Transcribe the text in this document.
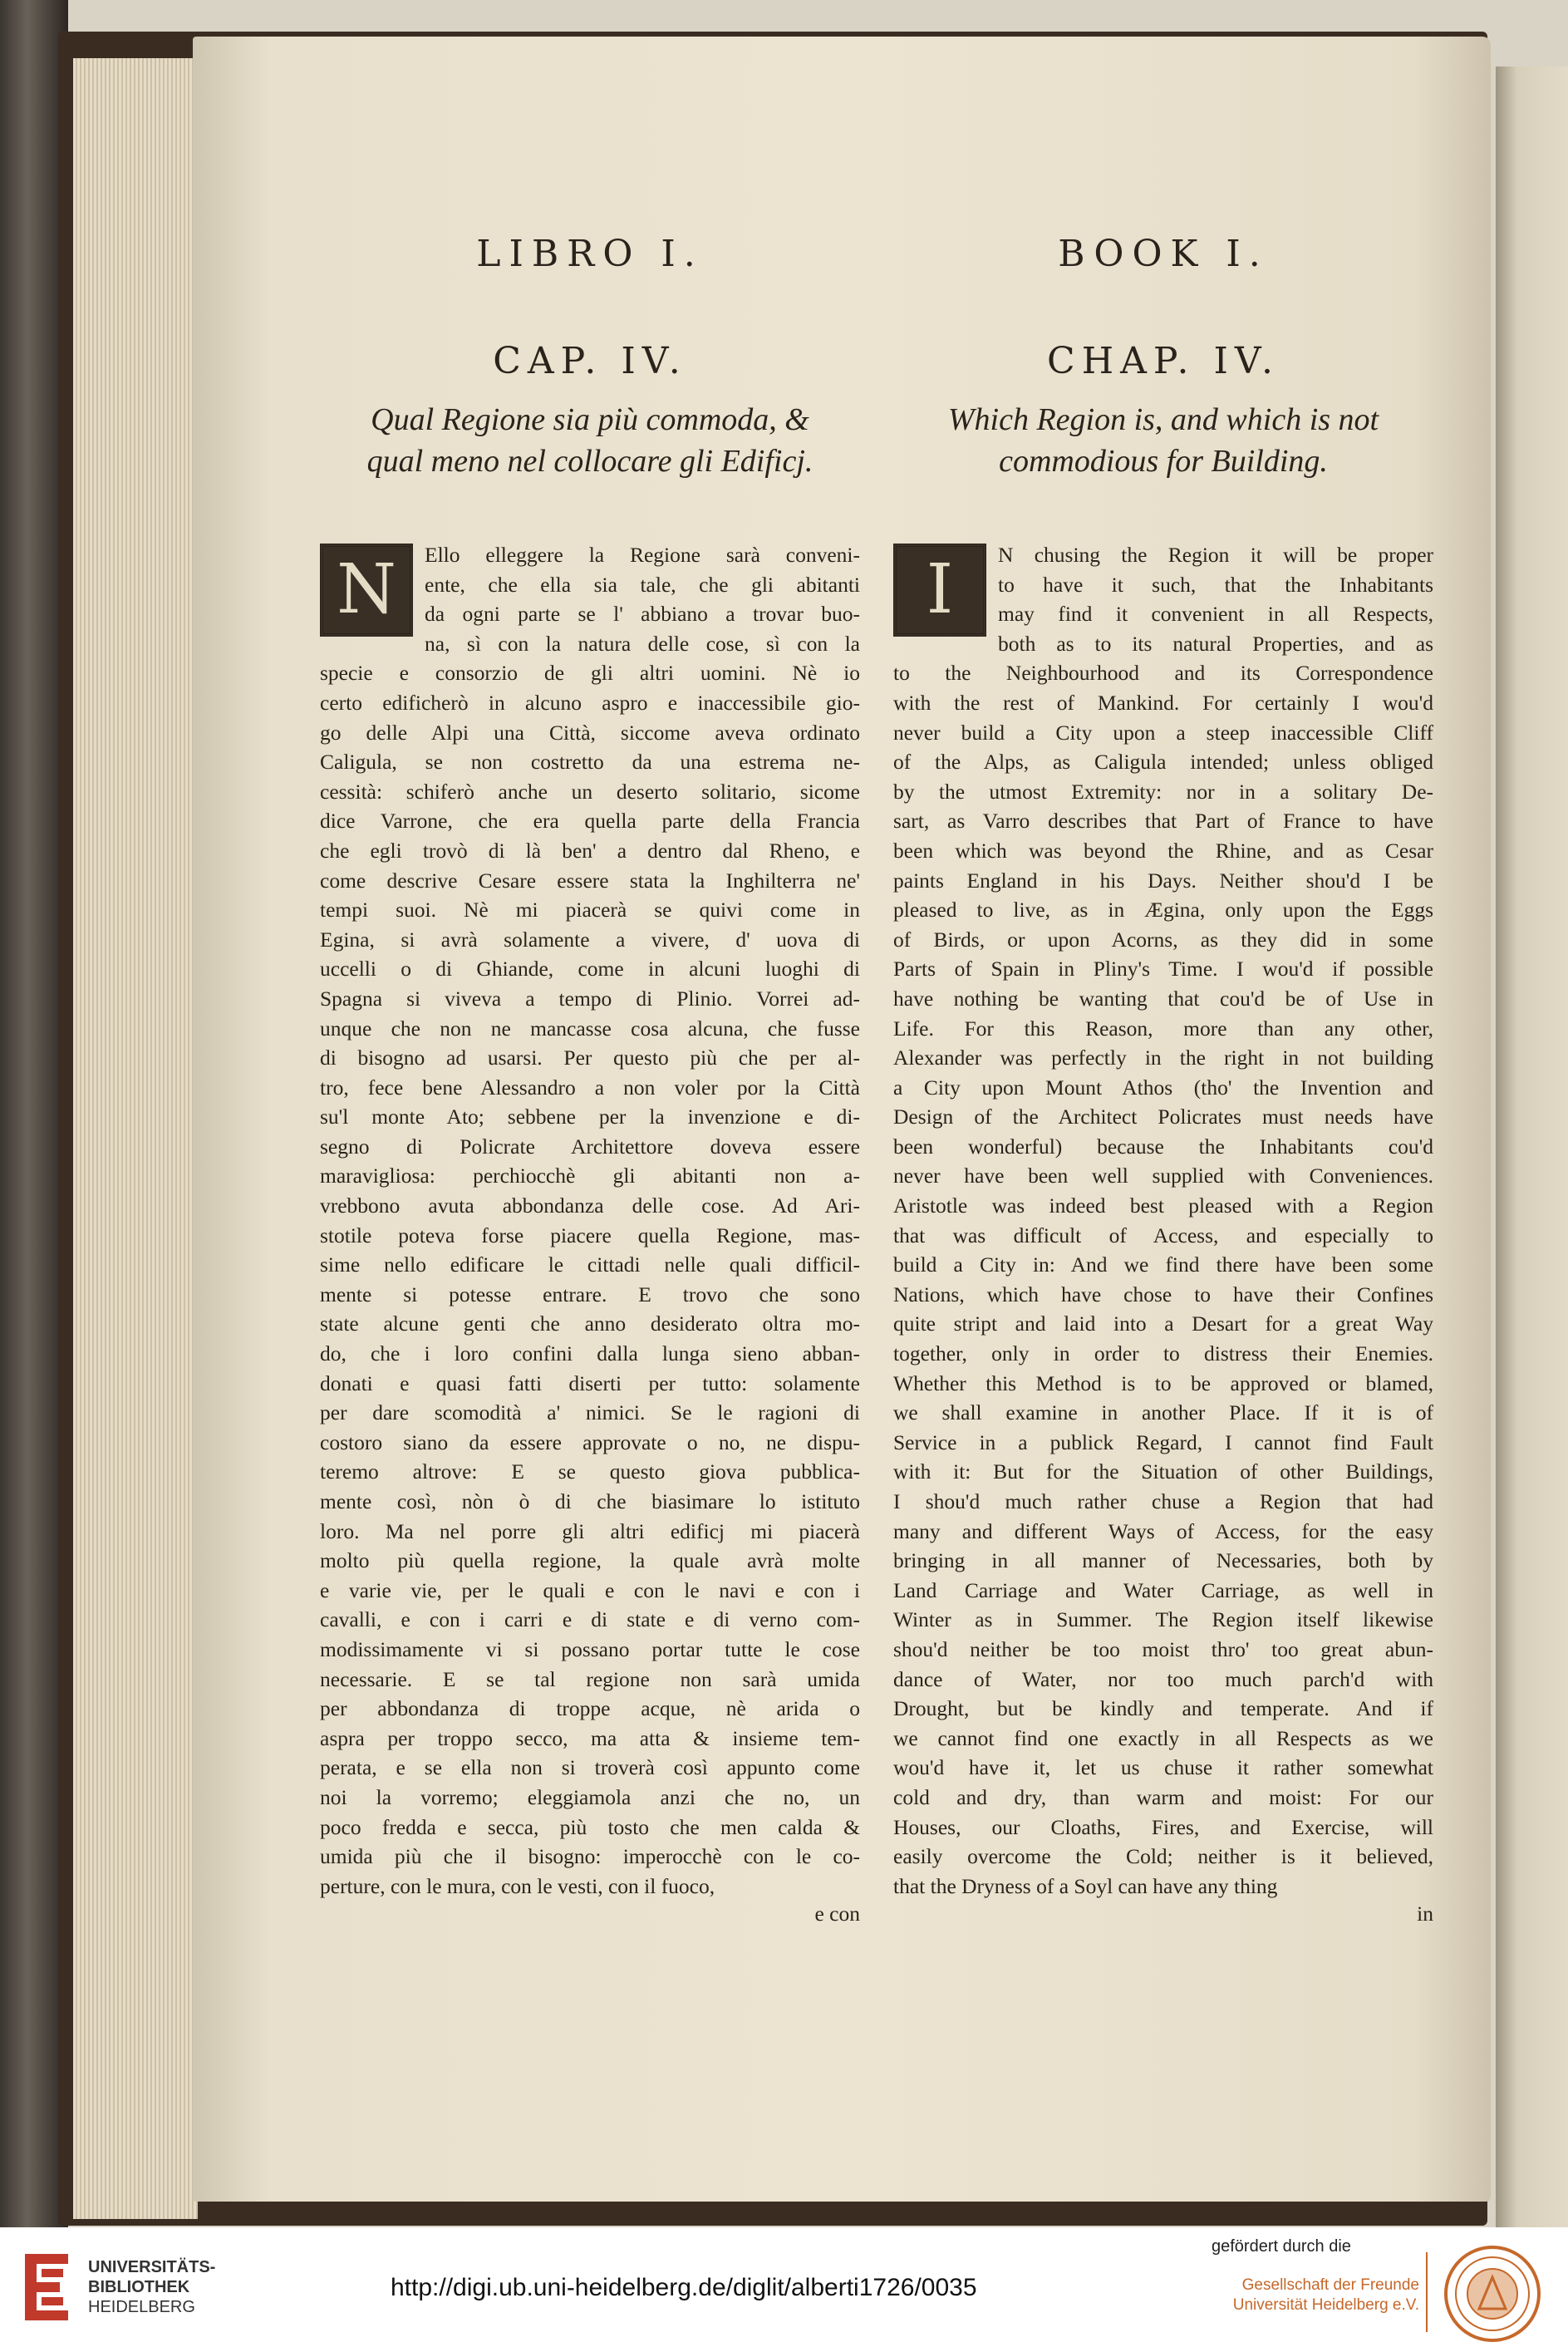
LIBRO I.
CAP. IV.
Qual Regione sia più commoda, &
qual meno nel collocare gli Edificj.
N	Ello elleggere la Regione sarà conveni-

ente, che ella sia tale, che gli abitanti

da ogni parte se l' abbiano a trovar buo-

na, sì con la natura delle cose, sì con la

specie e consorzio de gli altri uomini. Nè io

certo edificherò in alcuno aspro e inaccessibile gio-

go delle Alpi una Città, siccome aveva ordinato

Caligula, se non costretto da una estrema ne-

cessità: schiferò anche un deserto solitario, sicome

dice Varrone, che era quella parte della Francia

che egli trovò di là ben' a dentro dal Rheno, e

come descrive Cesare essere stata la Inghilterra ne'

tempi suoi. Nè mi piacerà se quivi come in

Egina, si avrà solamente a vivere, d' uova di

uccelli o di Ghiande, come in alcuni luoghi di

Spagna si viveva a tempo di Plinio. Vorrei ad-

unque che non ne mancasse cosa alcuna, che fusse

di bisogno ad usarsi. Per questo più che per al-

tro, fece bene Alessandro a non voler por la Città

su'l monte Ato; sebbene per la invenzione e di-

segno di Policrate Architettore doveva essere

maravigliosa: perchiocchè gli abitanti non a-

vrebbono avuta abbondanza delle cose. Ad Ari-

stotile poteva forse piacere quella Regione, mas-

sime nello edificare le cittadi nelle quali difficil-

mente si potesse entrare. E trovo che sono

state alcune genti che anno desiderato oltra mo-

do, che i loro confini dalla lunga sieno abban-

donati e quasi fatti diserti per tutto: solamente

per dare scomodità a' nimici. Se le ragioni di

costoro siano da essere approvate o no, ne dispu-

teremo altrove: E se questo giova pubblica-

mente così, nòn ò di che biasimare lo istituto

loro. Ma nel porre gli altri edificj mi piacerà

molto più quella regione, la quale avrà molte

e varie vie, per le quali e con le navi e con i

cavalli, e con i carri e di state e di verno com-

modissimamente vi si possano portar tutte le cose

necessarie. E se tal regione non sarà umida

per abbondanza di troppe acque, nè arida o

aspra per troppo secco, ma atta & insieme tem-

perata, e se ella non si troverà così appunto come

noi la vorremo; eleggiamola anzi che no, un

poco fredda e secca, più tosto che men calda &

umida più che il bisogno: imperocchè con le co-

perture, con le mura, con le vesti, con il fuoco,

e con
BOOK I.
CHAP. IV.
Which Region is, and which is not
commodious for Building.
I	N chusing the Region it will be proper

to have it such, that the Inhabitants

may find it convenient in all Respects,

both as to its natural Properties, and as

to the Neighbourhood and its Correspondence

with the rest of Mankind. For certainly I wou'd

never build a City upon a steep inaccessible Cliff

of the Alps, as Caligula intended; unless obliged

by the utmost Extremity: nor in a solitary De-

sart, as Varro describes that Part of France to have

been which was beyond the Rhine, and as Cesar

paints England in his Days. Neither shou'd I be

pleased to live, as in Ægina, only upon the Eggs

of Birds, or upon Acorns, as they did in some

Parts of Spain in Pliny's Time. I wou'd if possible

have nothing be wanting that cou'd be of Use in

Life. For this Reason, more than any other,

Alexander was perfectly in the right in not building

a City upon Mount Athos (tho' the Invention and

Design of the Architect Policrates must needs have

been wonderful) because the Inhabitants cou'd

never have been well supplied with Conveniences.

Aristotle was indeed best pleased with a Region

that was difficult of Access, and especially to

build a City in: And we find there have been some

Nations, which have chose to have their Confines

quite stript and laid into a Desart for a great Way

together, only in order to distress their Enemies.

Whether this Method is to be approved or blamed,

we shall examine in another Place. If it is of

Service in a publick Regard, I cannot find Fault

with it: But for the Situation of other Buildings,

I shou'd much rather chuse a Region that had

many and different Ways of Access, for the easy

bringing in all manner of Necessaries, both by

Land Carriage and Water Carriage, as well in

Winter as in Summer. The Region itself likewise

shou'd neither be too moist thro' too great abun-

dance of Water, nor too much parch'd with

Drought, but be kindly and temperate. And if

we cannot find one exactly in all Respects as we

wou'd have it, let us chuse it rather somewhat

cold and dry, than warm and moist: For our

Houses, our Cloaths, Fires, and Exercise, will

easily overcome the Cold; neither is it believed,

that the Dryness of a Soyl can have any thing

in
UNIVERSITÄTS-
BIBLIOTHEK
HEIDELBERG
http://digi.ub.uni-heidelberg.de/diglit/alberti1726/0035
gefördert durch die
Gesellschaft der Freunde
Universität Heidelberg e.V.
